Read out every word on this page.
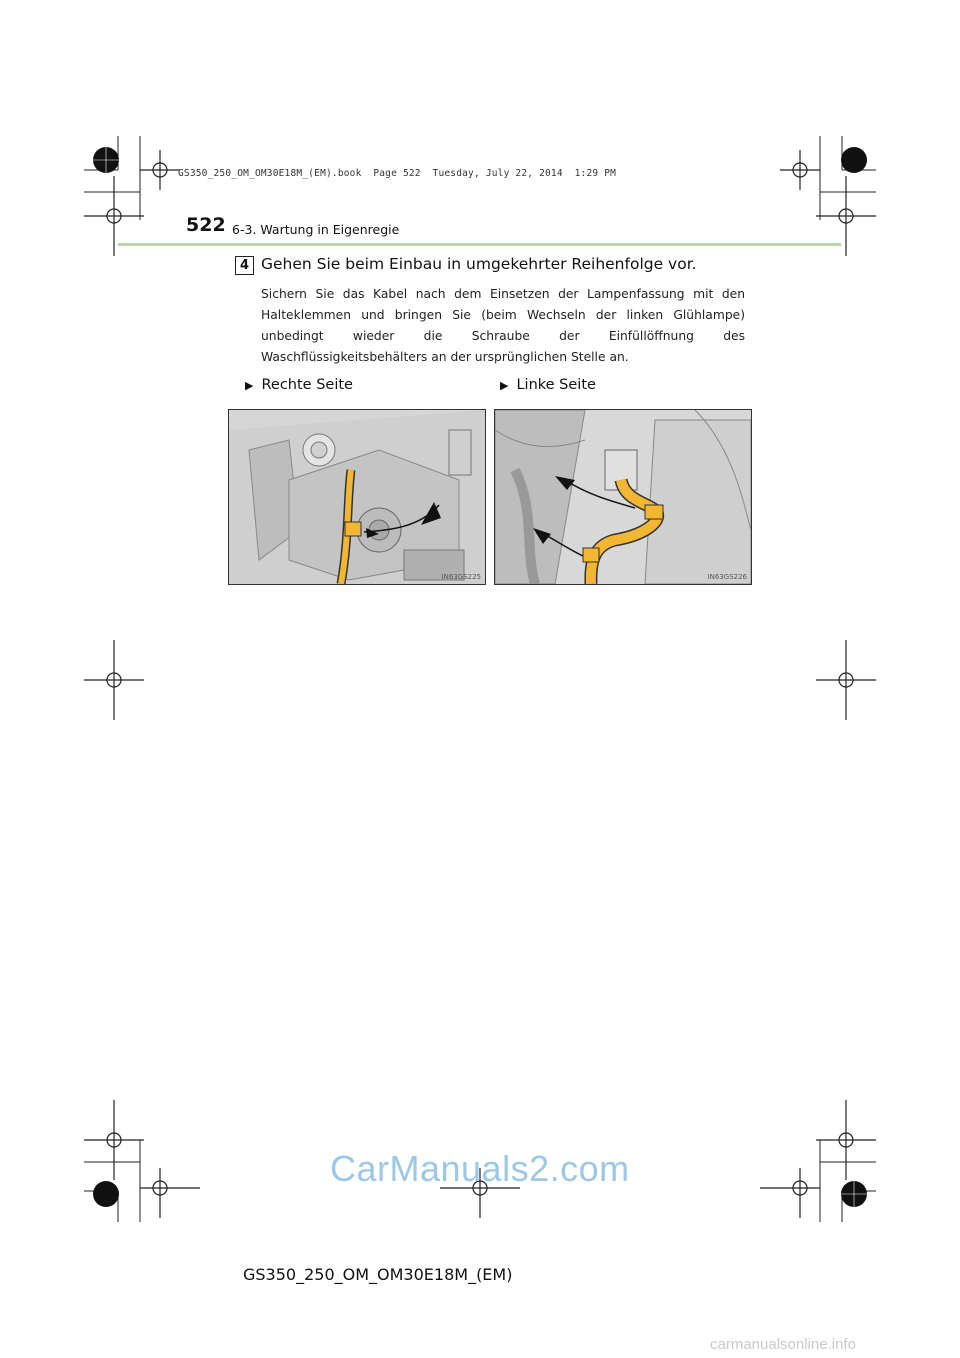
GS350_250_OM_OM30E18M_(EM).book  Page 522  Tuesday, July 22, 2014  1:29 PM
522 6-3. Wartung in Eigenregie
4 Gehen Sie beim Einbau in umgekehrter Reihenfolge vor.
Sichern Sie das Kabel nach dem Einsetzen der Lampenfassung mit den Halteklemmen und bringen Sie (beim Wechseln der linken Glühlampe) unbedingt wieder die Schraube der Einfüllöffnung des Waschflüssigkeitsbehälters an der ursprünglichen Stelle an.
▶ Rechte Seite	▶ Linke Seite
IN63GS225	IN63GS226
CarManuals2.com
GS350_250_OM_OM30E18M_(EM)
carmanualsonline.info
